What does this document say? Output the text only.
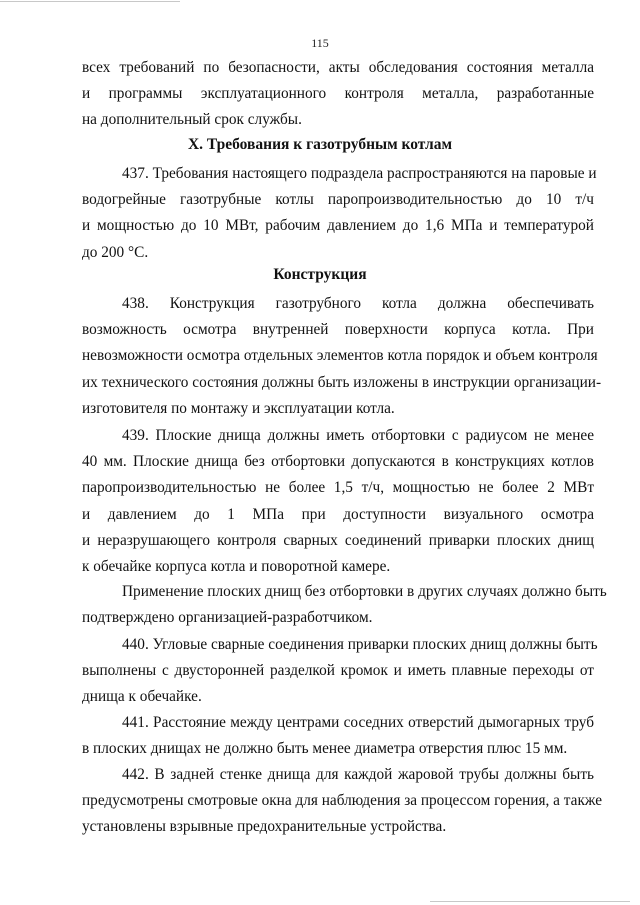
115
всех требований по безопасности, акты обследования состояния металла
и программы эксплуатационного контроля металла, разработанные
на дополнительный срок службы.
X. Требования к газотрубным котлам
437. Требования настоящего подраздела распространяются на паровые и
водогрейные газотрубные котлы паропроизводительностью до 10 т/ч
и мощностью до 10 МВт, рабочим давлением до 1,6 МПа и температурой
до 200 °С.
Конструкция
438. Конструкция газотрубного котла должна обеспечивать
возможность осмотра внутренней поверхности корпуса котла. При
невозможности осмотра отдельных элементов котла порядок и объем контроля
их технического состояния должны быть изложены в инструкции организации-
изготовителя по монтажу и эксплуатации котла.
439. Плоские днища должны иметь отбортовки с радиусом не менее
40 мм. Плоские днища без отбортовки допускаются в конструкциях котлов
паропроизводительностью не более 1,5 т/ч, мощностью не более 2 МВт
и давлением до 1 МПа при доступности визуального осмотра
и неразрушающего контроля сварных соединений приварки плоских днищ
к обечайке корпуса котла и поворотной камере.
Применение плоских днищ без отбортовки в других случаях должно быть
подтверждено организацией-разработчиком.
440. Угловые сварные соединения приварки плоских днищ должны быть
выполнены с двусторонней разделкой кромок и иметь плавные переходы от
днища к обечайке.
441. Расстояние между центрами соседних отверстий дымогарных труб
в плоских днищах не должно быть менее диаметра отверстия плюс 15 мм.
442. В задней стенке днища для каждой жаровой трубы должны быть
предусмотрены смотровые окна для наблюдения за процессом горения, а также
установлены взрывные предохранительные устройства.
